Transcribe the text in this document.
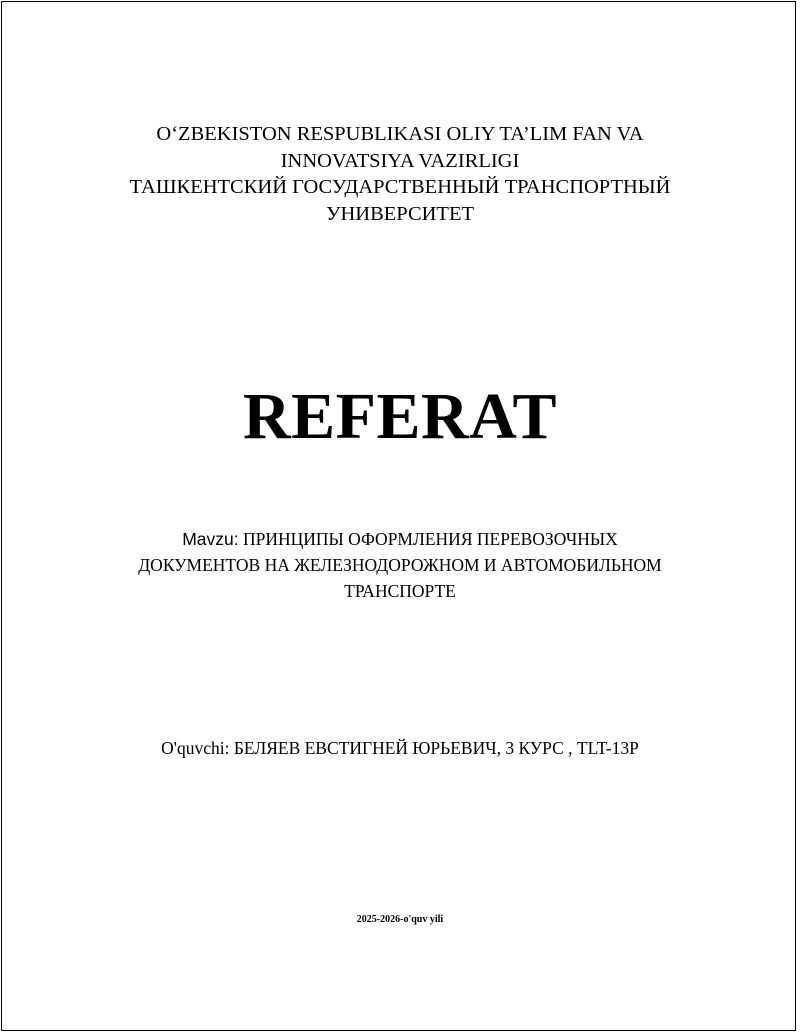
O‘ZBEKISTON RESPUBLIKASI OLIY TA’LIM FAN VA
INNOVATSIYA VAZIRLIGI
ТАШКЕНТСКИЙ ГОСУДАРСТВЕННЫЙ ТРАНСПОРТНЫЙ
УНИВЕРСИТЕТ
REFERAT
Mavzu: ПРИНЦИПЫ ОФОРМЛЕНИЯ ПЕРЕВОЗОЧНЫХ
ДОКУМЕНТОВ НА ЖЕЛЕЗНОДОРОЖНОМ И АВТОМОБИЛЬНОМ
ТРАНСПОРТЕ
O'quvchi: БЕЛЯЕВ ЕВСТИГНЕЙ ЮРЬЕВИЧ, 3 КУРС , TLT-13P
2025-2026-o'quv yili
